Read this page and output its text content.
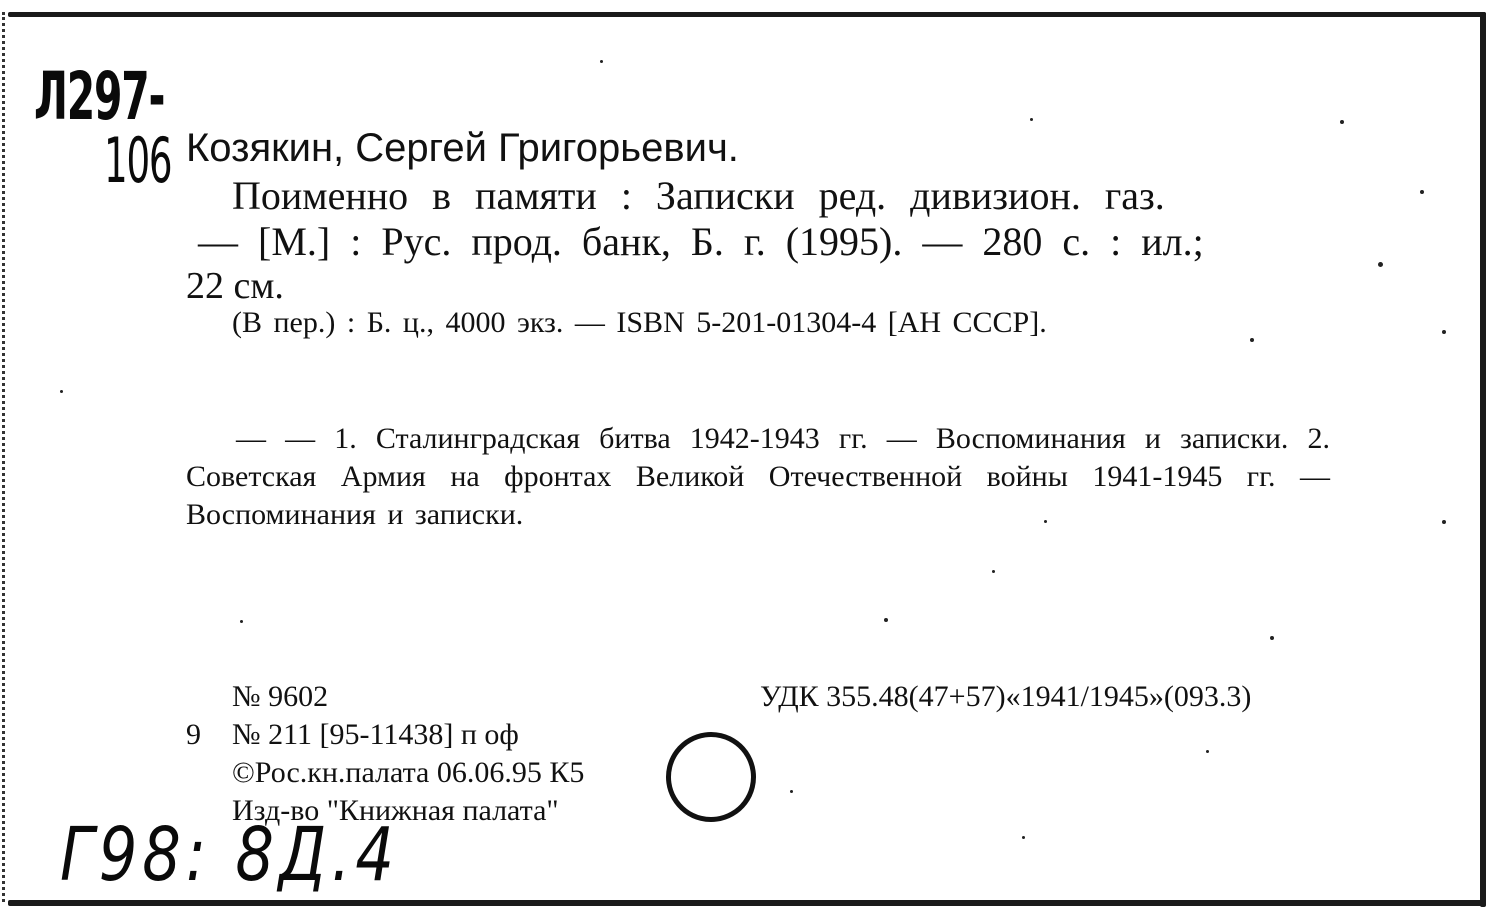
Л297-
106 Козякин, Сергей Григорьевич.
Поименно в памяти : Записки ред. дивизион. газ.
— [М.] : Рус. прод. банк, Б. г. (1995). — 280 с. : ил.;
22 см.
(В пер.) : Б. ц., 4000 экз. — ISBN 5-201-01304-4 [АН СССР].
— — 1. Сталинградская битва 1942-1943 гг. — Воспоминания и записки. 2. Советская Армия на фронтах Великой Отечественной войны 1941-1945 гг. — Воспоминания и записки.
№ 9602	УДК 355.48(47+57)«1941/1945»(093.3)
9 № 211 [95-11438] п оф
©Рос.кн.палата 06.06.95 К5
Изд-во "Книжная палата"
Г98: 8Д.4
